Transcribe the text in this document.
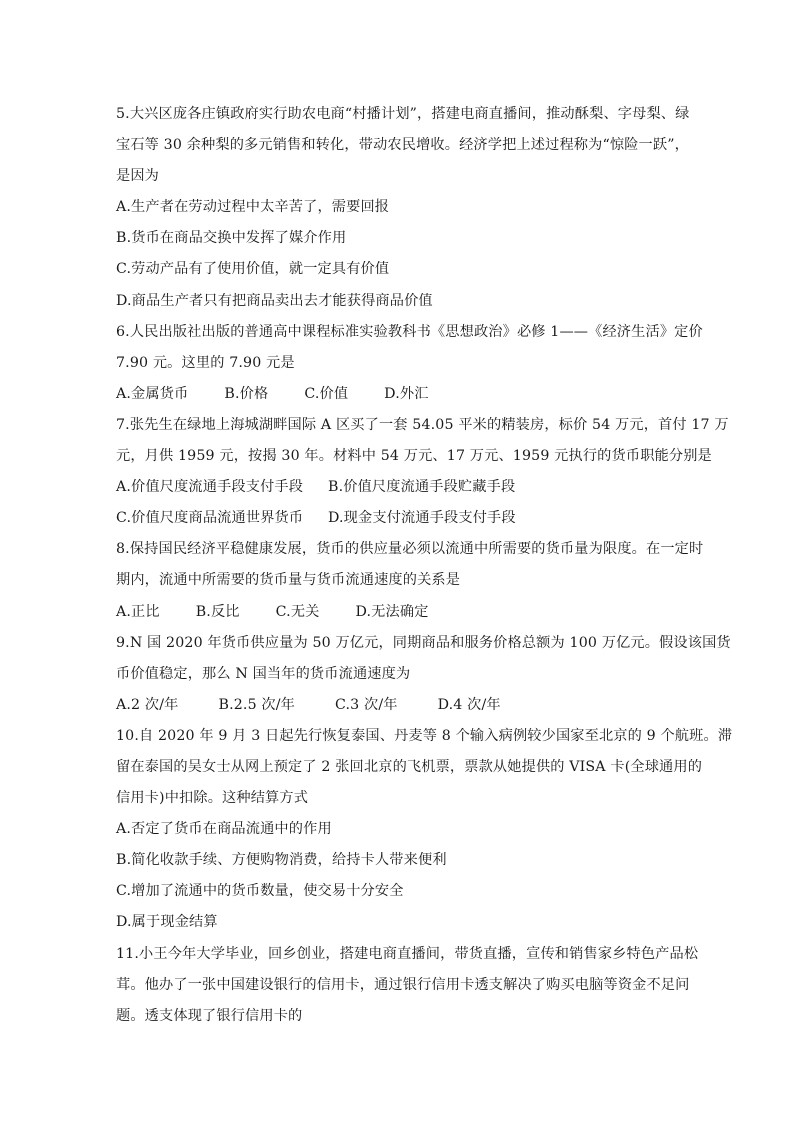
5.大兴区庞各庄镇政府实行助农电商“村播计划”，搭建电商直播间，推动酥梨、字母梨、绿
宝石等 30 余种梨的多元销售和转化，带动农民增收。经济学把上述过程称为“惊险一跃”，
是因为
A.生产者在劳动过程中太辛苦了，需要回报
B.货币在商品交换中发挥了媒介作用
C.劳动产品有了使用价值，就一定具有价值
D.商品生产者只有把商品卖出去才能获得商品价值
6.人民出版社出版的普通高中课程标准实验教科书《思想政治》必修 1——《经济生活》定价
7.90 元。这里的 7.90 元是
A.金属货币	B.价格	C.价值	D.外汇
7.张先生在绿地上海城湖畔国际 A 区买了一套 54.05 平米的精装房，标价 54 万元，首付 17 万
元，月供 1959 元，按揭 30 年。材料中 54 万元、17 万元、1959 元执行的货币职能分别是
A.价值尺度流通手段支付手段	B.价值尺度流通手段贮藏手段
C.价值尺度商品流通世界货币	D.现金支付流通手段支付手段
8.保持国民经济平稳健康发展，货币的供应量必须以流通中所需要的货币量为限度。在一定时
期内，流通中所需要的货币量与货币流通速度的关系是
A.正比	B.反比	C.无关	D.无法确定
9.N 国 2020 年货币供应量为 50 万亿元，同期商品和服务价格总额为 100 万亿元。假设该国货
币价值稳定，那么 N 国当年的货币流通速度为
A.2 次/年	B.2.5 次/年	C.3 次/年	D.4 次/年
10.自 2020 年 9 月 3 日起先行恢复泰国、丹麦等 8 个输入病例较少国家至北京的 9 个航班。滞
留在泰国的吴女士从网上预定了 2 张回北京的飞机票，票款从她提供的 VISA 卡(全球通用的
信用卡)中扣除。这种结算方式
A.否定了货币在商品流通中的作用
B.简化收款手续、方便购物消费，给持卡人带来便利
C.增加了流通中的货币数量，使交易十分安全
D.属于现金结算
11.小王今年大学毕业，回乡创业，搭建电商直播间，带货直播，宣传和销售家乡特色产品松
茸。他办了一张中国建设银行的信用卡，通过银行信用卡透支解决了购买电脑等资金不足问
题。透支体现了银行信用卡的
